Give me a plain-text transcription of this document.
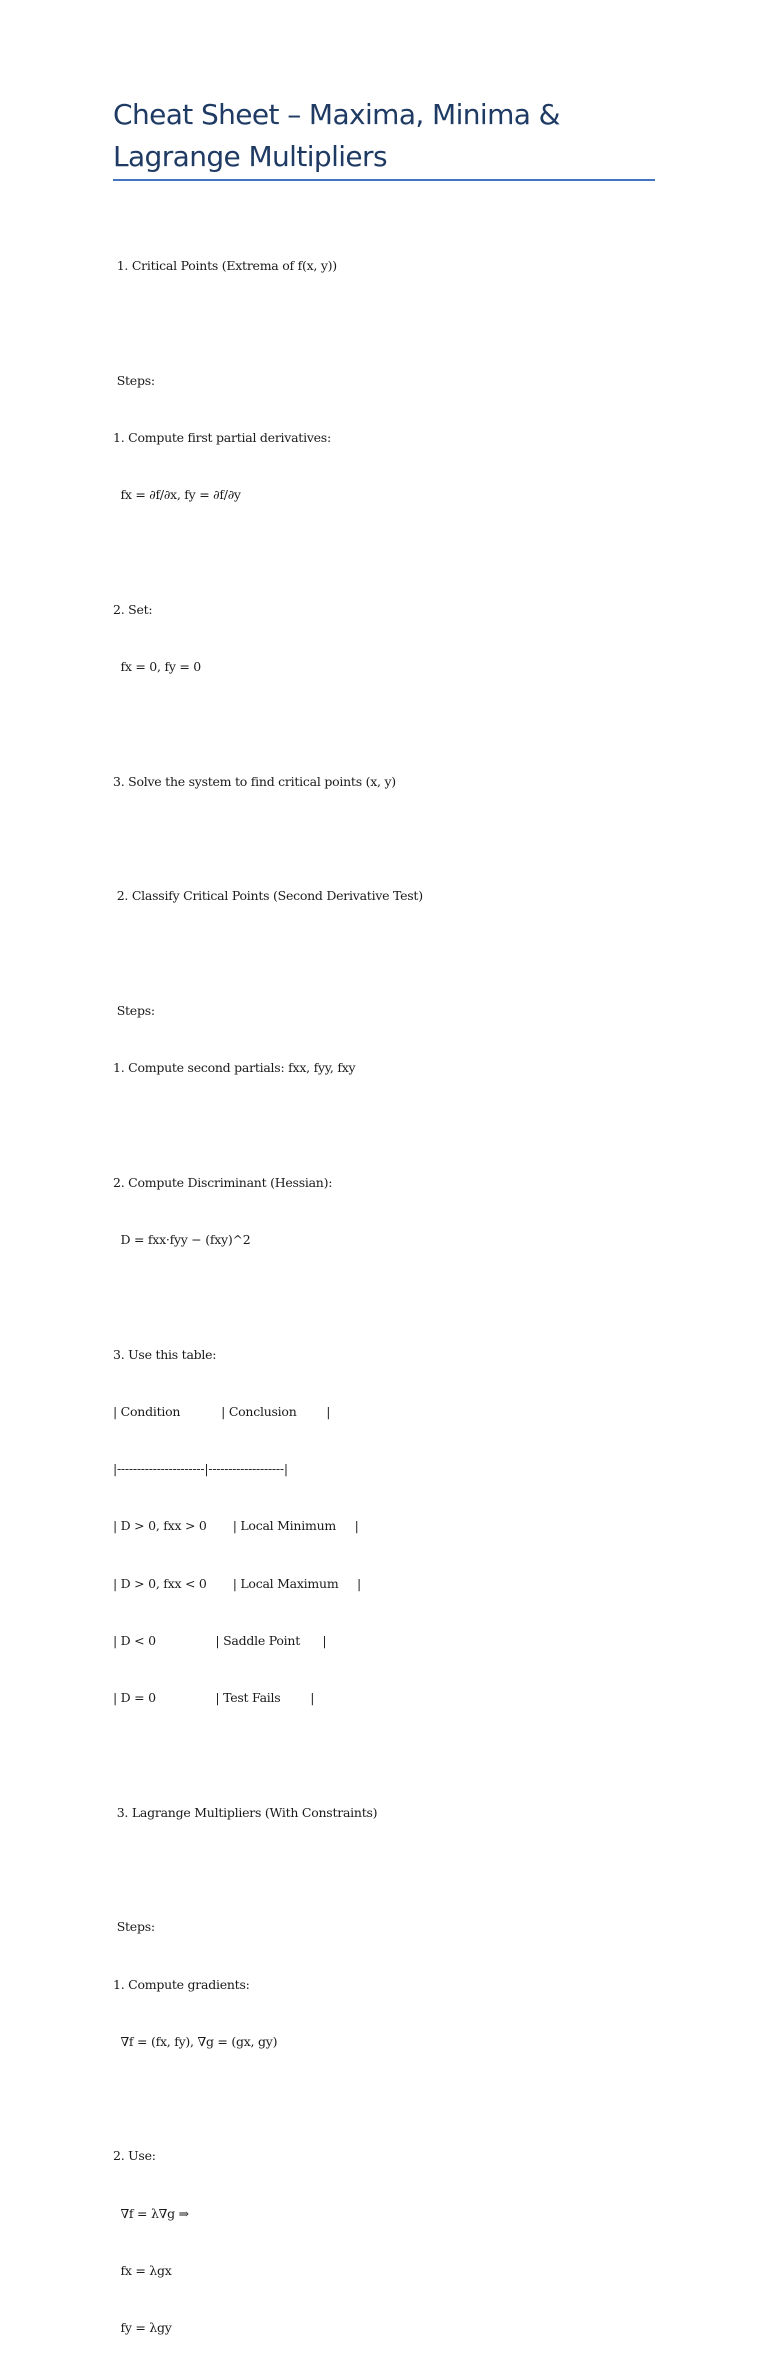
Cheat Sheet – Maxima, Minima &
Lagrange Multipliers

1. Critical Points (Extrema of f(x, y))

Steps:

1. Compute first partial derivatives:

fx = ∂f/∂x, fy = ∂f/∂y

2. Set:

fx = 0, fy = 0

3. Solve the system to find critical points (x, y)

2. Classify Critical Points (Second Derivative Test)

Steps:

1. Compute second partials: fxx, fyy, fxy

2. Compute Discriminant (Hessian):

D = fxx·fyy − (fxy)^2

3. Use this table:

| Condition           | Conclusion        |

|----------------------|-------------------|

| D > 0, fxx > 0       | Local Minimum     |

| D > 0, fxx < 0       | Local Maximum     |

| D < 0                | Saddle Point      |

| D = 0                | Test Fails        |

3. Lagrange Multipliers (With Constraints)

Steps:

1. Compute gradients:

∇f = (fx, fy), ∇g = (gx, gy)

2. Use:

∇f = λ∇g ⇒

fx = λgx

fy = λgy
